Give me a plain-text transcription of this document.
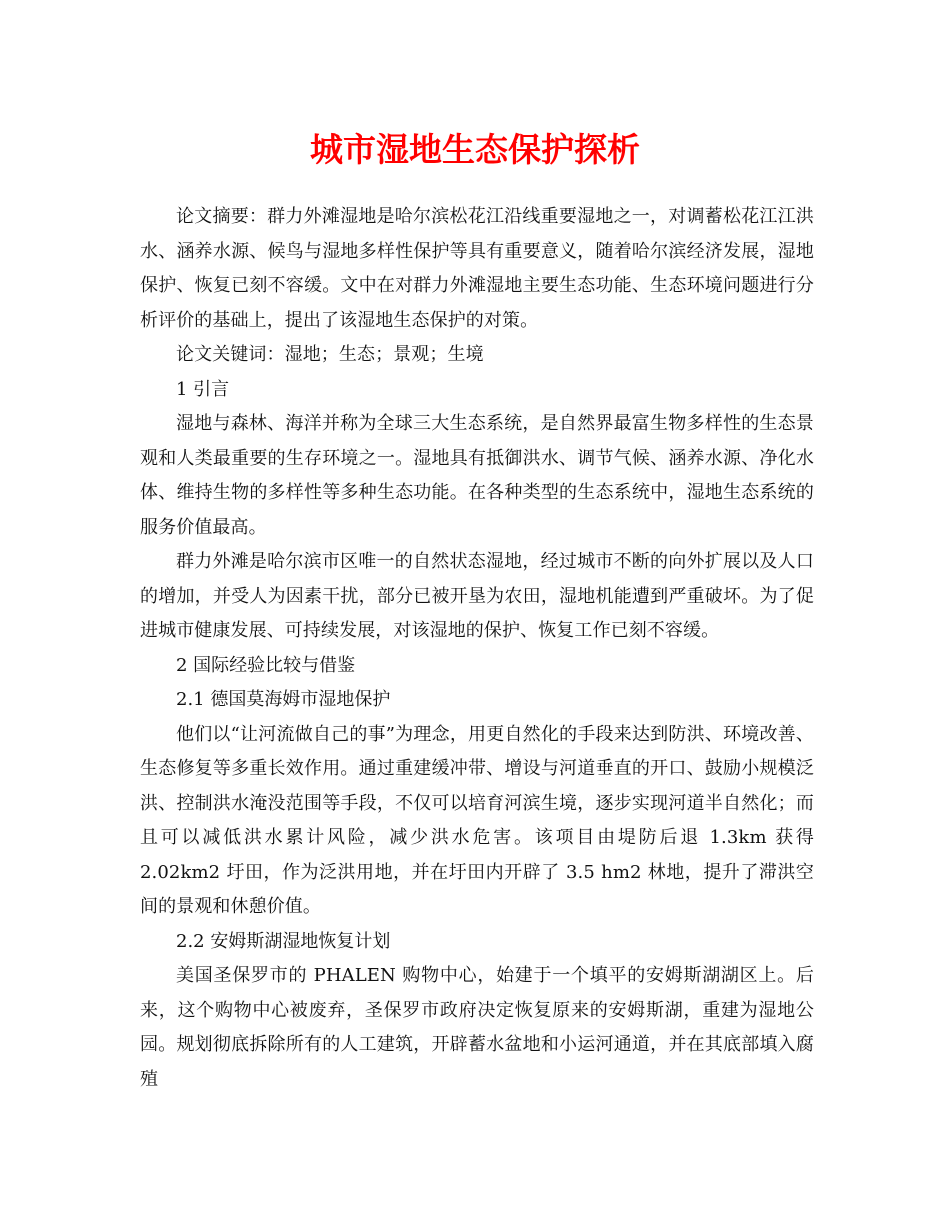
城市湿地生态保护探析

论文摘要：群力外滩湿地是哈尔滨松花江沿线重要湿地之一，对调蓄松花江江洪水、涵养水源、候鸟与湿地多样性保护等具有重要意义，随着哈尔滨经济发展，湿地保护、恢复已刻不容缓。文中在对群力外滩湿地主要生态功能、生态环境问题进行分析评价的基础上，提出了该湿地生态保护的对策。

论文关键词：湿地；生态；景观；生境

1 引言

湿地与森林、海洋并称为全球三大生态系统，是自然界最富生物多样性的生态景观和人类最重要的生存环境之一。湿地具有抵御洪水、调节气候、涵养水源、净化水体、维持生物的多样性等多种生态功能。在各种类型的生态系统中，湿地生态系统的服务价值最高。

群力外滩是哈尔滨市区唯一的自然状态湿地，经过城市不断的向外扩展以及人口的增加，并受人为因素干扰，部分已被开垦为农田，湿地机能遭到严重破坏。为了促进城市健康发展、可持续发展，对该湿地的保护、恢复工作已刻不容缓。

2 国际经验比较与借鉴

2.1 德国莫海姆市湿地保护

他们以“让河流做自己的事”为理念，用更自然化的手段来达到防洪、环境改善、生态修复等多重长效作用。通过重建缓冲带、增设与河道垂直的开口、鼓励小规模泛洪、控制洪水淹没范围等手段，不仅可以培育河滨生境，逐步实现河道半自然化；而且可以减低洪水累计风险，减少洪水危害。该项目由堤防后退 1.3km 获得 2.02km2 圩田，作为泛洪用地，并在圩田内开辟了 3.5 hm2 林地，提升了滞洪空间的景观和休憩价值。

2.2 安姆斯湖湿地恢复计划

美国圣保罗市的 PHALEN 购物中心，始建于一个填平的安姆斯湖湖区上。后来，这个购物中心被废弃，圣保罗市政府决定恢复原来的安姆斯湖，重建为湿地公园。规划彻底拆除所有的人工建筑，开辟蓄水盆地和小运河通道，并在其底部填入腐殖
